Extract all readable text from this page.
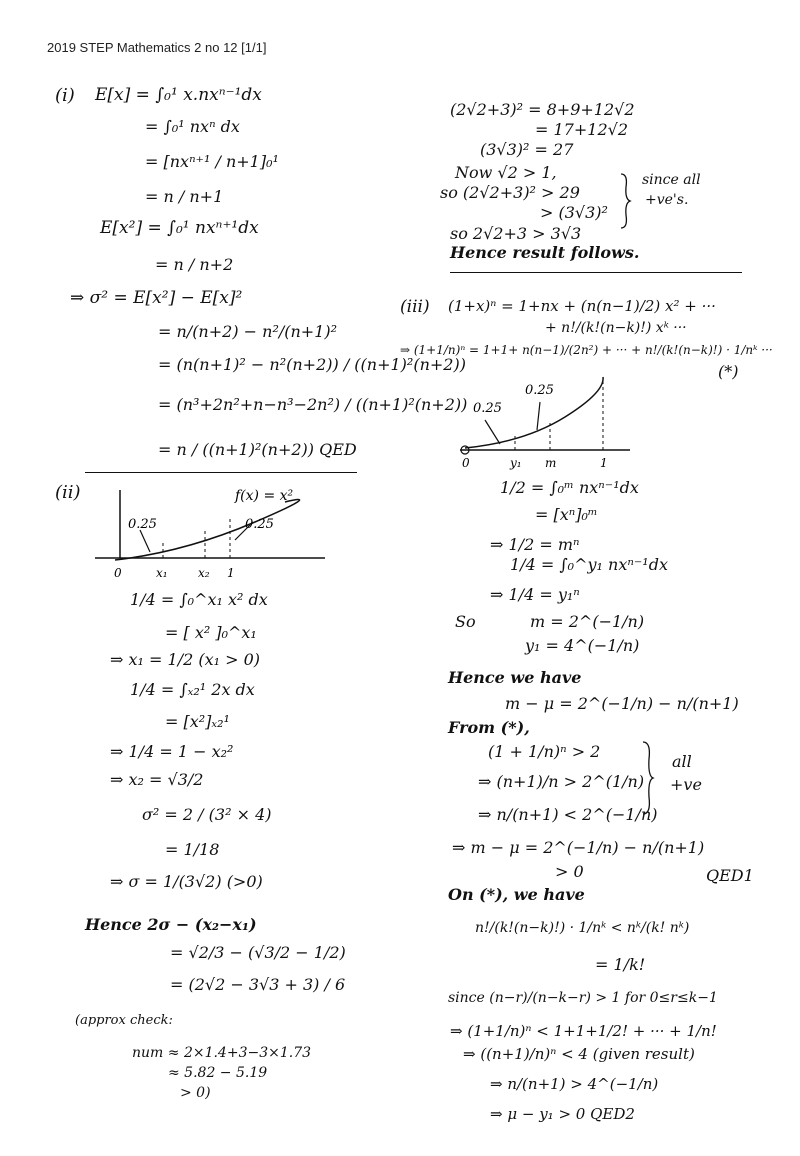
2019 STEP Mathematics 2 no 12 [1/1]
(i) E[x] = ∫₀¹ x.nxⁿ⁻¹dx
= ∫₀¹ nxⁿ dx
= [nxⁿ⁺¹ / n+1]₀¹
= n / n+1
E[x²] = ∫₀¹ nxⁿ⁺¹dx
= n / n+2
⇒ σ² = E[x²] − E[x]²
= n/(n+2) − n²/(n+1)²
= (n(n+1)² − n²(n+2)) / ((n+1)²(n+2))
= (n³+2n²+n−n³−2n²) / ((n+1)²(n+2))
= n / ((n+1)²(n+2)) QED
(ii)	f(x) = x²
0.25	0.25
0	x₁	x₂ 1
1/4 = ∫₀^x₁ x² dx
= [ x² ]₀^x₁
⇒ x₁ = 1/2 (x₁ > 0)
1/4 = ∫ₓ₂¹ 2x dx
= [x²]ₓ₂¹
⇒ 1/4 = 1 − x₂²
⇒ x₂ = √3/2
σ² = 2 / (3² × 4)
= 1/18
⇒ σ = 1/(3√2) (>0)
Hence 2σ − (x₂−x₁)
= √2/3 − (√3/2 − 1/2)
= (2√2 − 3√3 + 3) / 6
(approx check:
num ≈ 2×1.4+3−3×1.73
≈ 5.82 − 5.19
> 0)
(2√2+3)² = 8+9+12√2
= 17+12√2
(3√3)² = 27
Now √2 > 1,
so (2√2+3)² > 29
> (3√3)²
so 2√2+3 > 3√3
Hence result follows.
since all
+ve's.
(iii) (1+x)ⁿ = 1+nx + (n(n−1)/2) x² + ···
+ n!/(k!(n−k)!) xᵏ ···
⇒ (1+1/n)ⁿ = 1+1+ n(n−1)/(2n²) + ··· + n!/(k!(n−k)!) · 1/nᵏ ···
(*)
0.25
0.25
0	y₁ m	1
1/2 = ∫₀ᵐ nxⁿ⁻¹dx
= [xⁿ]₀ᵐ
⇒ 1/2 = mⁿ
1/4 = ∫₀^y₁ nxⁿ⁻¹dx
⇒ 1/4 = y₁ⁿ
So	m = 2^(−1/n)
y₁ = 4^(−1/n)
Hence we have
m − μ = 2^(−1/n) − n/(n+1)
From (*),
(1 + 1/n)ⁿ > 2
⇒ (n+1)/n > 2^(1/n)
⇒ n/(n+1) < 2^(−1/n)
all
+ve
⇒ m − μ = 2^(−1/n) − n/(n+1)
> 0	QED1
On (*), we have
n!/(k!(n−k)!) · 1/nᵏ < nᵏ/(k! nᵏ)
= 1/k!
since (n−r)/(n−k−r) > 1 for 0≤r≤k−1
⇒ (1+1/n)ⁿ < 1+1+1/2! + ··· + 1/n!
⇒ ((n+1)/n)ⁿ < 4 (given result)
⇒ n/(n+1) > 4^(−1/n)
⇒ μ − y₁ > 0 QED2
